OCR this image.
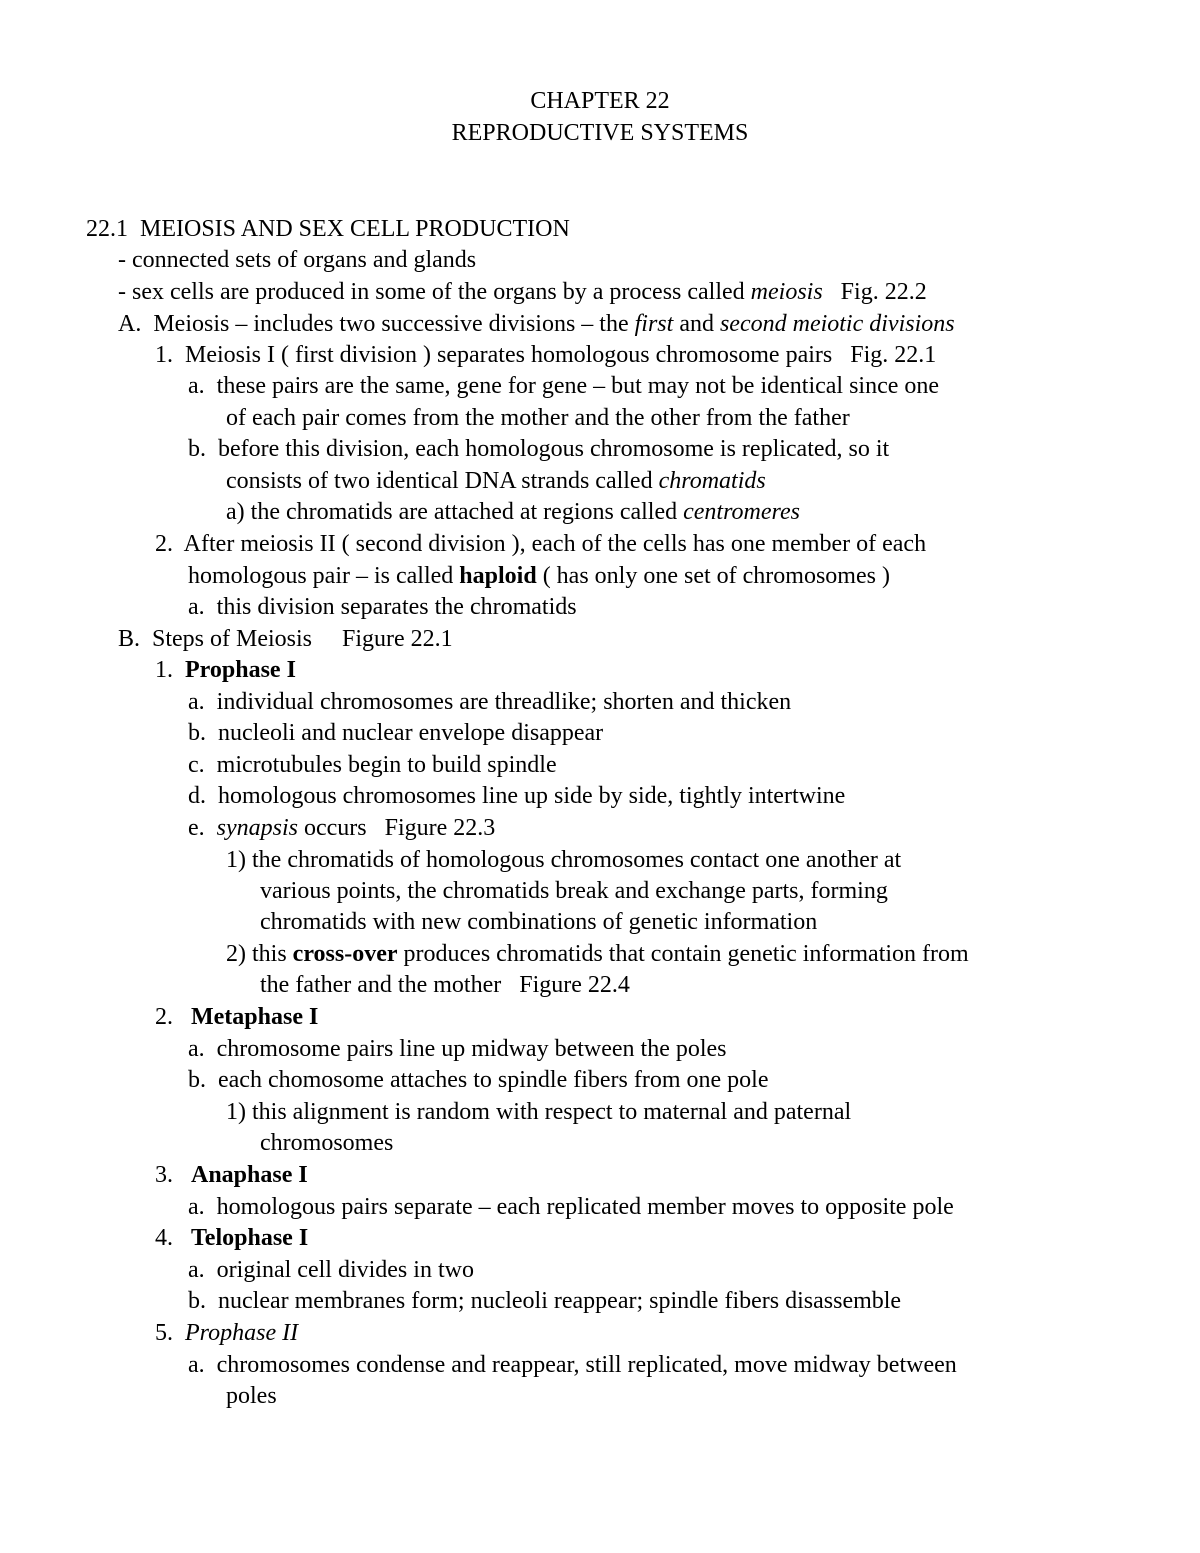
CHAPTER 22
REPRODUCTIVE SYSTEMS
22.1  MEIOSIS AND SEX CELL PRODUCTION
- connected sets of organs and glands
- sex cells are produced in some of the organs by a process called meiosis   Fig. 22.2
A.  Meiosis – includes two successive divisions – the first and second meiotic divisions
1.  Meiosis I ( first division ) separates homologous chromosome pairs   Fig. 22.1
a.  these pairs are the same, gene for gene – but may not be identical since one
of each pair comes from the mother and the other from the father
b.  before this division, each homologous chromosome is replicated, so it
consists of two identical DNA strands called chromatids
a) the chromatids are attached at regions called centromeres
2.  After meiosis II ( second division ), each of the cells has one member of each
homologous pair – is called haploid ( has only one set of chromosomes )
a.  this division separates the chromatids
B.  Steps of Meiosis     Figure 22.1
1.  Prophase I
a.  individual chromosomes are threadlike; shorten and thicken
b.  nucleoli and nuclear envelope disappear
c.  microtubules begin to build spindle
d.  homologous chromosomes line up side by side, tightly intertwine
e.  synapsis occurs   Figure 22.3
1) the chromatids of homologous chromosomes contact one another at
various points, the chromatids break and exchange parts, forming
chromatids with new combinations of genetic information
2) this cross-over produces chromatids that contain genetic information from
the father and the mother   Figure 22.4
2.   Metaphase I
a.  chromosome pairs line up midway between the poles
b.  each chomosome attaches to spindle fibers from one pole
1) this alignment is random with respect to maternal and paternal
chromosomes
3.   Anaphase I
a.  homologous pairs separate – each replicated member moves to opposite pole
4.   Telophase I
a.  original cell divides in two
b.  nuclear membranes form; nucleoli reappear; spindle fibers disassemble
5.  Prophase II
a.  chromosomes condense and reappear, still replicated, move midway between
poles
